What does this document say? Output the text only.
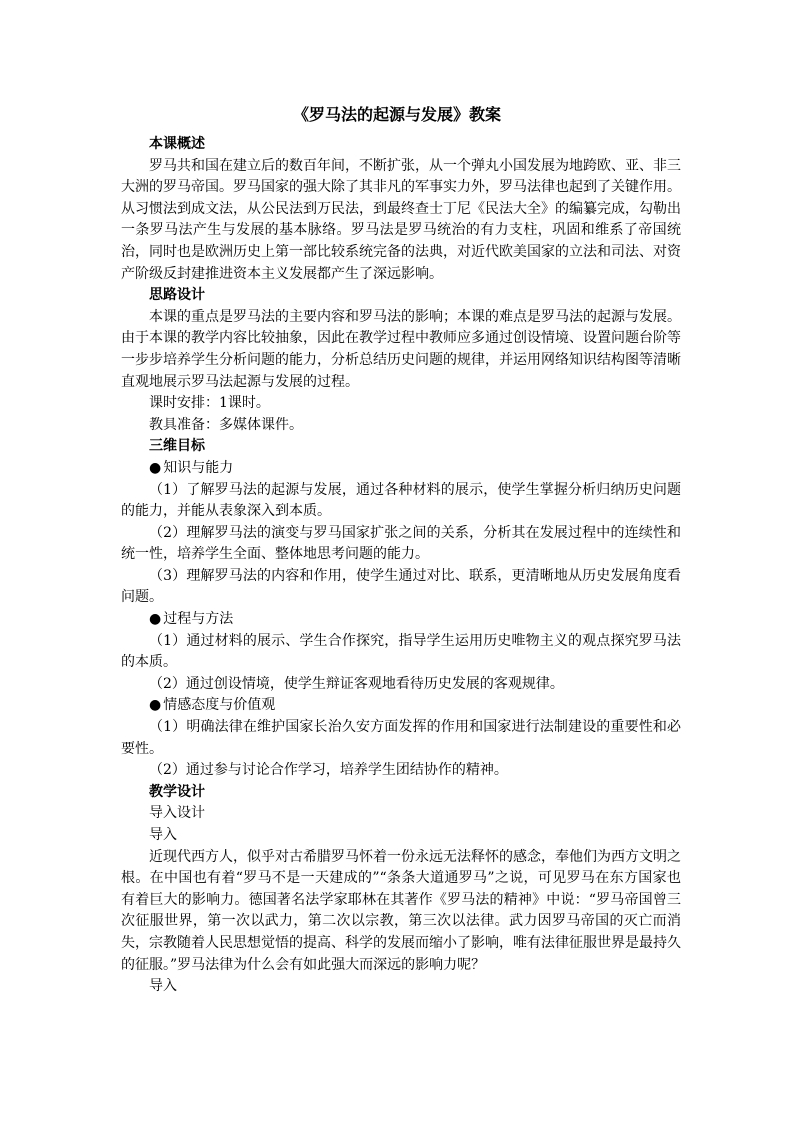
《罗马法的起源与发展》教案

本课概述

罗马共和国在建立后的数百年间，不断扩张，从一个弹丸小国发展为地跨欧、亚、非三大洲的罗马帝国。罗马国家的强大除了其非凡的军事实力外，罗马法律也起到了关键作用。从习惯法到成文法，从公民法到万民法，到最终查士丁尼《民法大全》的编纂完成，勾勒出一条罗马法产生与发展的基本脉络。罗马法是罗马统治的有力支柱，巩固和维系了帝国统治，同时也是欧洲历史上第一部比较系统完备的法典，对近代欧美国家的立法和司法、对资产阶级反封建推进资本主义发展都产生了深远影响。

思路设计

本课的重点是罗马法的主要内容和罗马法的影响；本课的难点是罗马法的起源与发展。由于本课的教学内容比较抽象，因此在教学过程中教师应多通过创设情境、设置问题台阶等一步步培养学生分析问题的能力，分析总结历史问题的规律，并运用网络知识结构图等清晰直观地展示罗马法起源与发展的过程。

课时安排：1课时。

教具准备：多媒体课件。

三维目标

● 知识与能力

（1）了解罗马法的起源与发展，通过各种材料的展示，使学生掌握分析归纳历史问题的能力，并能从表象深入到本质。

（2）理解罗马法的演变与罗马国家扩张之间的关系，分析其在发展过程中的连续性和统一性，培养学生全面、整体地思考问题的能力。

（3）理解罗马法的内容和作用，使学生通过对比、联系，更清晰地从历史发展角度看问题。

● 过程与方法

（1）通过材料的展示、学生合作探究，指导学生运用历史唯物主义的观点探究罗马法的本质。

（2）通过创设情境，使学生辩证客观地看待历史发展的客观规律。

● 情感态度与价值观

（1）明确法律在维护国家长治久安方面发挥的作用和国家进行法制建设的重要性和必要性。

（2）通过参与讨论合作学习，培养学生团结协作的精神。

教学设计

导入设计

导入

近现代西方人，似乎对古希腊罗马怀着一份永远无法释怀的感念，奉他们为西方文明之根。在中国也有着“罗马不是一天建成的”“条条大道通罗马”之说，可见罗马在东方国家也有着巨大的影响力。德国著名法学家耶林在其著作《罗马法的精神》中说：“罗马帝国曾三次征服世界，第一次以武力，第二次以宗教，第三次以法律。武力因罗马帝国的灭亡而消失，宗教随着人民思想觉悟的提高、科学的发展而缩小了影响，唯有法律征服世界是最持久的征服。”罗马法律为什么会有如此强大而深远的影响力呢？

导入
